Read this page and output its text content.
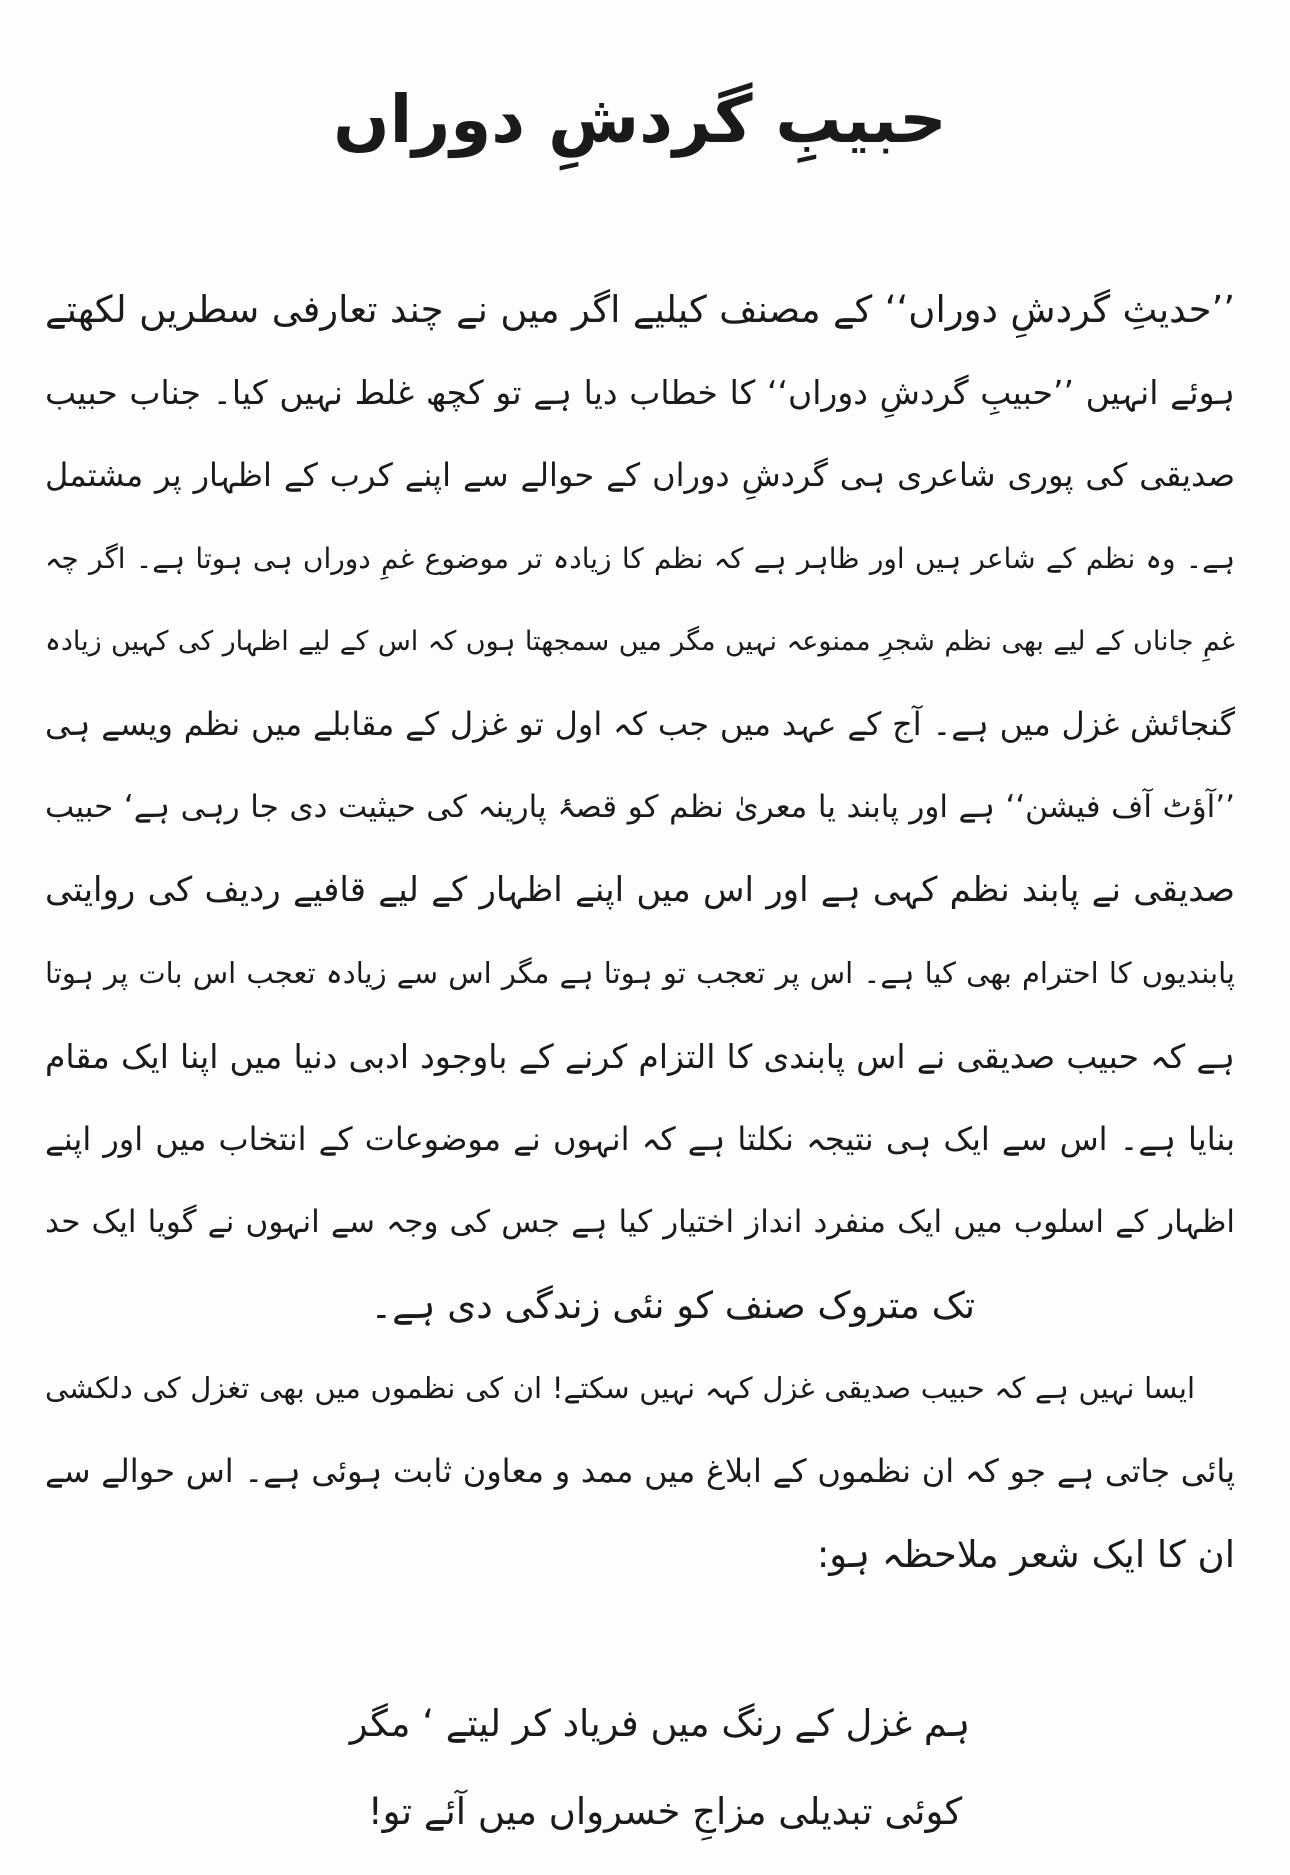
حبیبِ گردشِ دوراں
’’حدیثِ گردشِ دوراں‘‘ کے مصنف کیلیے اگر میں نے چند تعارفی سطریں لکھتے
ہوئے انہیں ’’حبیبِ گردشِ دوراں‘‘ کا خطاب دیا ہے تو کچھ غلط نہیں کیا۔ جناب حبیب
صدیقی کی پوری شاعری ہی گردشِ دوراں کے حوالے سے اپنے کرب کے اظہار پر مشتمل
ہے۔ وہ نظم کے شاعر ہیں اور ظاہر ہے کہ نظم کا زیادہ تر موضوع غمِ دوراں ہی ہوتا ہے۔ اگر چہ
غمِ جاناں کے لیے بھی نظم شجرِ ممنوعہ نہیں مگر میں سمجھتا ہوں کہ اس کے لیے اظہار کی کہیں زیادہ
گنجائش غزل میں ہے۔ آج کے عہد میں جب کہ اول تو غزل کے مقابلے میں نظم ویسے ہی
’’آؤٹ آف فیشن‘‘ ہے اور پابند یا معریٰ نظم کو قصۂ پارینہ کی حیثیت دی جا رہی ہے‘ حبیب
صدیقی نے پابند نظم کہی ہے اور اس میں اپنے اظہار کے لیے قافیے ردیف کی روایتی
پابندیوں کا احترام بھی کیا ہے۔ اس پر تعجب تو ہوتا ہے مگر اس سے زیادہ تعجب اس بات پر ہوتا
ہے کہ حبیب صدیقی نے اس پابندی کا التزام کرنے کے باوجود ادبی دنیا میں اپنا ایک مقام
بنایا ہے۔ اس سے ایک ہی نتیجہ نکلتا ہے کہ انہوں نے موضوعات کے انتخاب میں اور اپنے
اظہار کے اسلوب میں ایک منفرد انداز اختیار کیا ہے جس کی وجہ سے انہوں نے گویا ایک حد
تک متروک صنف کو نئی زندگی دی ہے۔
ایسا نہیں ہے کہ حبیب صدیقی غزل کہہ نہیں سکتے! ان کی نظموں میں بھی تغزل کی دلکشی
پائی جاتی ہے جو کہ ان نظموں کے ابلاغ میں ممد و معاون ثابت ہوئی ہے۔ اس حوالے سے
ان کا ایک شعر ملاحظہ ہو:
ہم غزل کے رنگ میں فریاد کر لیتے ‘ مگر
کوئی تبدیلی مزاجِ خسرواں میں آئے تو!
